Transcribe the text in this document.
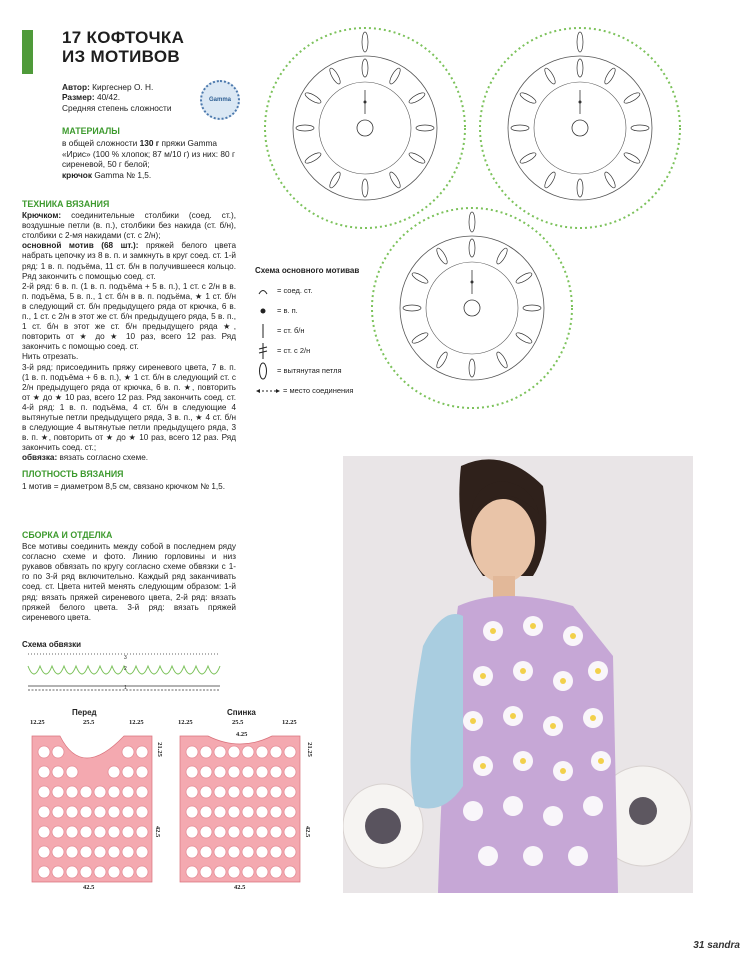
17 КОФТОЧКА
ИЗ МОТИВОВ
Автор: Киргеснер О. Н.
Размер: 40/42.
Средняя степень сложности
Gamma
МАТЕРИАЛЫ
в общей сложности 130 г пряжи Gamma «Ирис» (100 % хлопок; 87 м/10 г) из них: 80 г сиреневой, 50 г белой;
крючок Gamma № 1,5.
ТЕХНИКА ВЯЗАНИЯ

Крючком: соединительные столбики (соед. ст.), воздушные петли (в. п.), столбики без накида (ст. б/н), столбики с 2-мя накидами (ст. с 2/н);

основной мотив (68 шт.): пряжей белого цвета набрать цепочку из 8 в. п. и замкнуть в круг соед. ст. 1-й ряд: 1 в. п. подъёма, 11 ст. б/н в получившееся кольцо. Ряд закончить с помощью соед. ст.

2-й ряд: 6 в. п. (1 в. п. подъёма + 5 в. п.), 1 ст. с 2/н в в. п. подъёма, 5 в. п., 1 ст. б/н в в. п. подъёма, ★ 1 ст. б/н в следующий ст. б/н предыдущего ряда от крючка, 6 в. п., 1 ст. с 2/н в этот же ст. б/н предыдущего ряда, 5 в. п., 1 ст. б/н в этот же ст. б/н предыдущего ряда ★, повторить от ★ до ★ 10 раз, всего 12 раз. Ряд закончить с помощью соед. ст.

Нить отрезать.

3-й ряд: присоединить пряжу сиреневого цвета, 7 в. п. (1 в. п. подъёма + 6 в. п.), ★ 1 ст. б/н в следующий ст. с 2/н предыдущего ряда от крючка, 6 в. п. ★, повторить от ★ до ★ 10 раз, всего 12 раз. Ряд закончить соед. ст. 4-й ряд: 1 в. п. подъёма, 4 ст. б/н в следующие 4 вытянутые петли предыдущего ряда, 3 в. п., ★ 4 ст. б/н в следующие 4 вытянутые петли предыдущего ряда, 3 в. п. ★, повторить от ★ до ★ 10 раз, всего 12 раз. Ряд закончить соед. ст.;

обвязка: вязать согласно схеме.

ПЛОТНОСТЬ ВЯЗАНИЯ

1 мотив = диаметром 8,5 см, связано крючком № 1,5.

СБОРКА И ОТДЕЛКА

Все мотивы соединить между собой в последнем ряду согласно схеме и фото. Линию горловины и низ рукавов обвязать по кругу согласно схеме обвязки с 1-го по 3-й ряд включительно. Каждый ряд заканчивать соед. ст. Цвета нитей менять следующим образом: 1-й ряд: вязать пряжей сиреневого цвета, 2-й ряд: вязать пряжей белого цвета. 3-й ряд: вязать пряжей сиреневого цвета.

Схема основного мотивав
= соед. ст.
= в. п.
= ст. б/н
= ст. с 2/н
= вытянутая петля
= место соединения
Схема обвязки
3
2
1
Перед
12.25	25.5	12.25
21.25
42.5
42.5
Спинка
12.25	25.5	12.25
4.25
21.25
42.5
42.5
31 sandra
